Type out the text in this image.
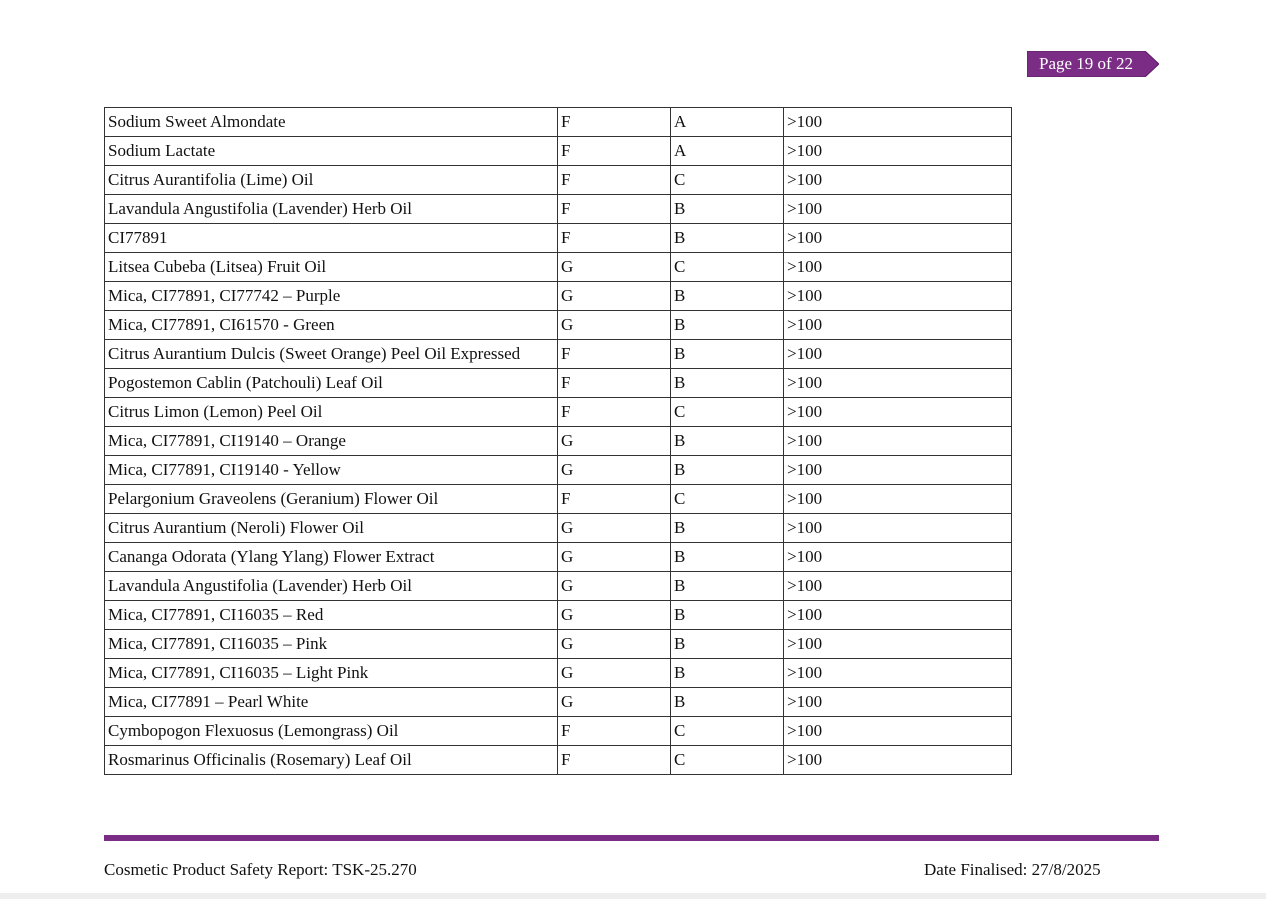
Page 19 of 22
Sodium Sweet Almondate	F	A	>100
Sodium Lactate	F	A	>100
Citrus Aurantifolia (Lime) Oil	F	C	>100
Lavandula Angustifolia (Lavender) Herb Oil	F	B	>100
CI77891	F	B	>100
Litsea Cubeba (Litsea) Fruit Oil	G	C	>100
Mica, CI77891, CI77742 – Purple	G	B	>100
Mica, CI77891, CI61570 - Green	G	B	>100
Citrus Aurantium Dulcis (Sweet Orange) Peel Oil Expressed	F	B	>100
Pogostemon Cablin (Patchouli) Leaf Oil	F	B	>100
Citrus Limon (Lemon) Peel Oil	F	C	>100
Mica, CI77891, CI19140 – Orange	G	B	>100
Mica, CI77891, CI19140 - Yellow	G	B	>100
Pelargonium Graveolens (Geranium) Flower Oil	F	C	>100
Citrus Aurantium (Neroli) Flower Oil	G	B	>100
Cananga Odorata (Ylang Ylang) Flower Extract	G	B	>100
Lavandula Angustifolia (Lavender) Herb Oil	G	B	>100
Mica, CI77891, CI16035 – Red	G	B	>100
Mica, CI77891, CI16035 – Pink	G	B	>100
Mica, CI77891, CI16035 – Light Pink	G	B	>100
Mica, CI77891 – Pearl White	G	B	>100
Cymbopogon Flexuosus (Lemongrass) Oil	F	C	>100
Rosmarinus Officinalis (Rosemary) Leaf Oil	F	C	>100
Cosmetic Product Safety Report: TSK-25.270	Date Finalised: 27/8/2025
